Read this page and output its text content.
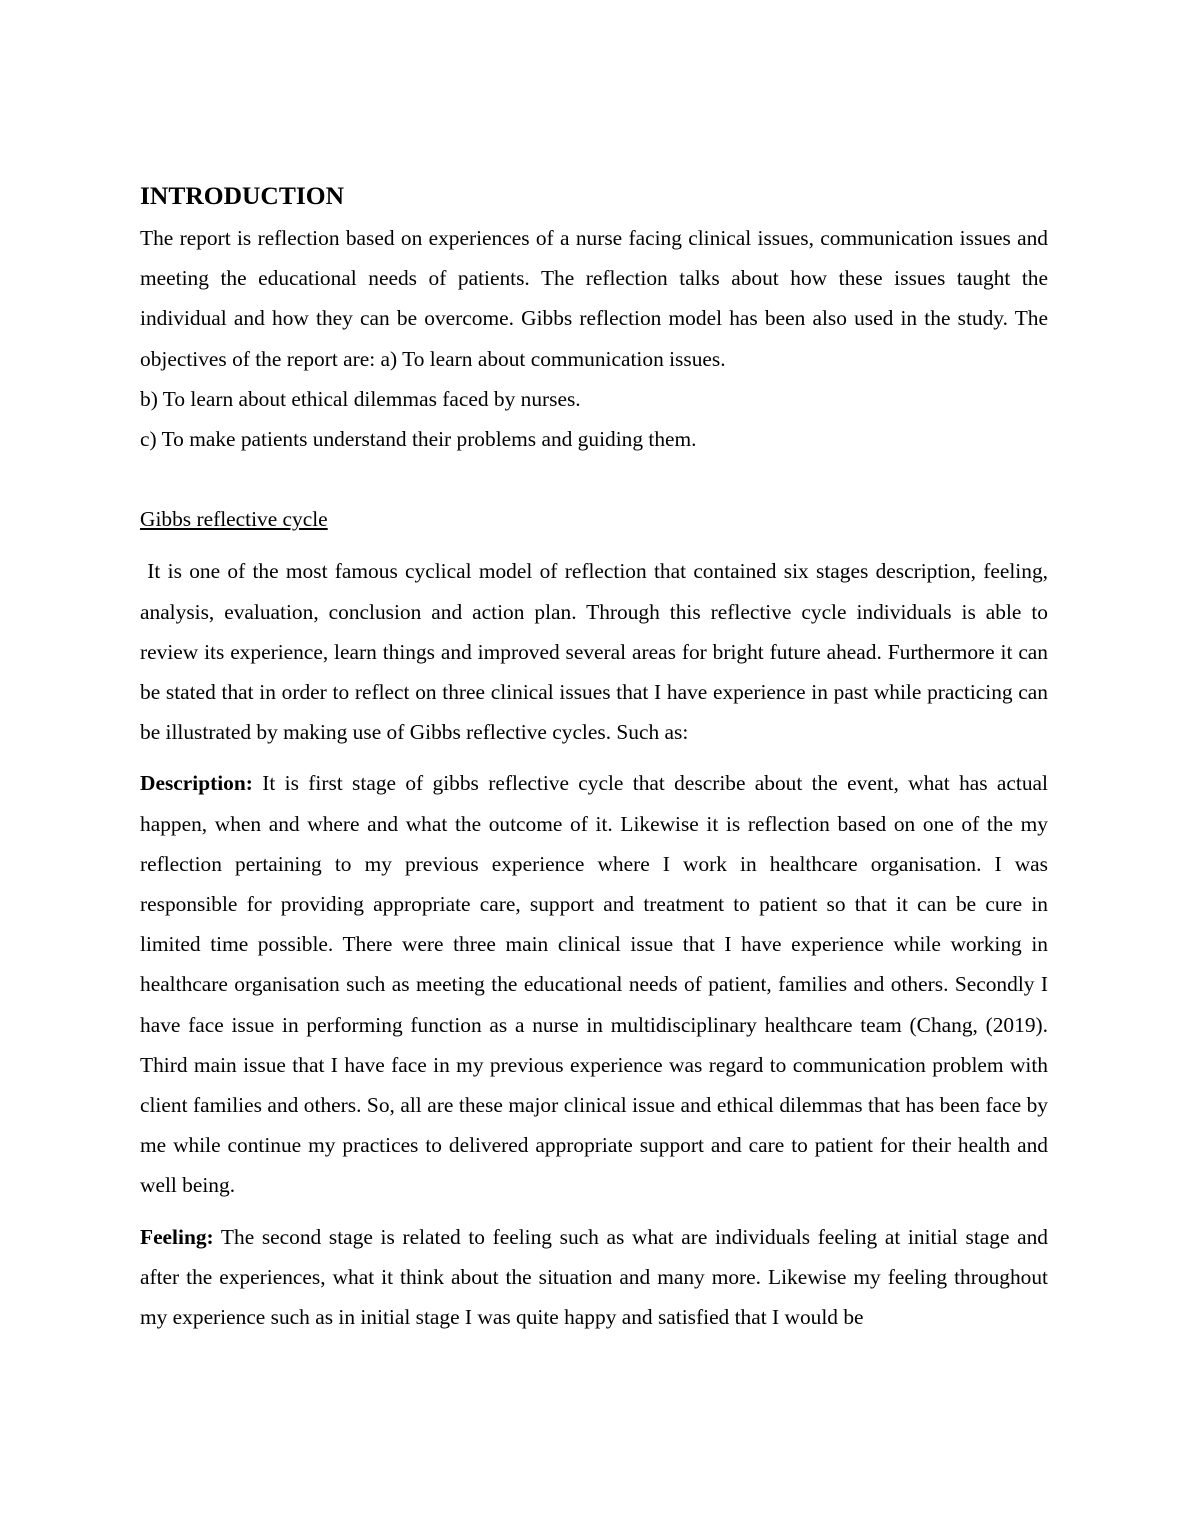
INTRODUCTION

The report is reflection based on experiences of a nurse facing clinical issues, communication issues and meeting the educational needs of patients. The reflection talks about how these issues taught the individual and how they can be overcome. Gibbs reflection model has been also used in the study. The objectives of the report are: a) To learn about communication issues.

b) To learn about ethical dilemmas faced by nurses.
c) To make patients understand their problems and guiding them.
Gibbs reflective cycle

It is one of the most famous cyclical model of reflection that contained six stages description, feeling, analysis, evaluation, conclusion and action plan. Through this reflective cycle individuals is able to review its experience, learn things and improved several areas for bright future ahead. Furthermore it can be stated that in order to reflect on three clinical issues that I have experience in past while practicing can be illustrated by making use of Gibbs reflective cycles. Such as:

Description: It is first stage of gibbs reflective cycle that describe about the event, what has actual happen, when and where and what the outcome of it. Likewise it is reflection based on one of the my reflection pertaining to my previous experience where I work in healthcare organisation. I was responsible for providing appropriate care, support and treatment to patient so that it can be cure in limited time possible. There were three main clinical issue that I have experience while working in healthcare organisation such as meeting the educational needs of patient, families and others. Secondly I have face issue in performing function as a nurse in multidisciplinary healthcare team (Chang, (2019). Third main issue that I have face in my previous experience was regard to communication problem with client families and others. So, all are these major clinical issue and ethical dilemmas that has been face by me while continue my practices to delivered appropriate support and care to patient for their health and well being.

Feeling: The second stage is related to feeling such as what are individuals feeling at initial stage and after the experiences, what it think about the situation and many more. Likewise my feeling throughout my experience such as in initial stage I was quite happy and satisfied that I would be
